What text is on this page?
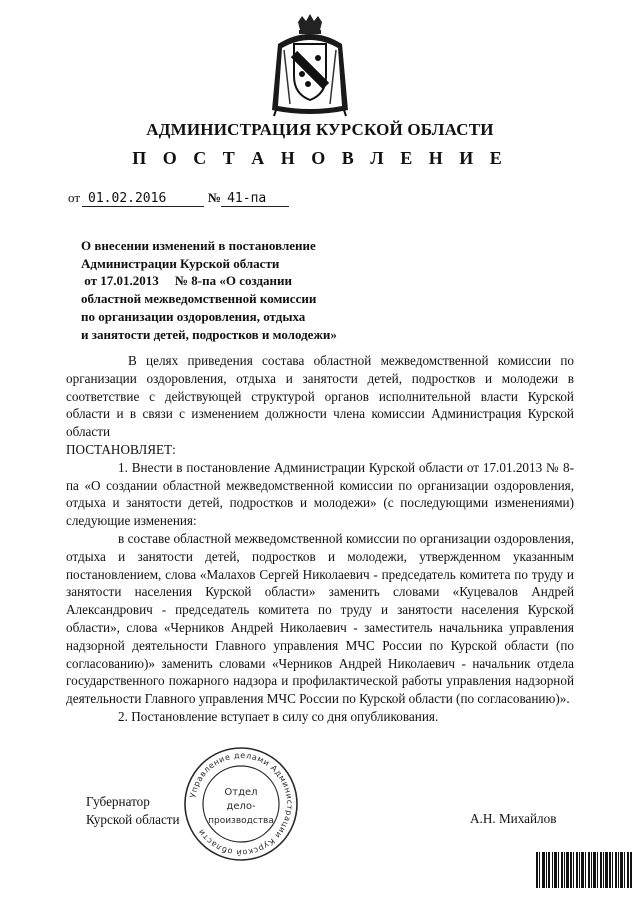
АДМИНИСТРАЦИЯ КУРСКОЙ ОБЛАСТИ
П О С Т А Н О В Л Е Н И Е
от 01.02.2016	№ 41-па
О внесении изменений в постановление
Администрации Курской области
от 17.01.2013     № 8-па «О создании
областной межведомственной комиссии
по организации оздоровления, отдыха
и занятости детей, подростков и молодежи»

В целях приведения состава областной межведомственной комиссии по организации оздоровления, отдыха и занятости детей, подростков и молодежи в соответствие с действующей структурой органов исполнительной власти Курской области и в связи с изменением должности члена комиссии Администрация Курской области

ПОСТАНОВЛЯЕТ:

1. Внести в постановление Администрации Курской области от 17.01.2013 № 8-па «О создании областной межведомственной комиссии по организации оздоровления, отдыха и занятости детей, подростков и молодежи» (с последующими изменениями) следующие изменения:

в составе областной межведомственной комиссии по организации оздоровления, отдыха и занятости детей, подростков и молодежи, утвержденном указанным постановлением, слова «Малахов Сергей Николаевич - председатель комитета по труду и занятости населения Курской области» заменить словами «Куцевалов Андрей Александрович - председатель комитета по труду и занятости населения Курской области», слова «Черников Андрей Николаевич - заместитель начальника управления надзорной деятельности Главного управления МЧС России по Курской области (по согласованию)» заменить словами «Черников Андрей Николаевич - начальник отдела государственного пожарного надзора и профилактической работы управления надзорной деятельности Главного управления МЧС России по Курской области (по согласованию)».

2. Постановление вступает в силу со дня опубликования.

Губернатор
Курской области	А.Н. Михайлов
Управление делами Администрации Курской области
Отдел
дело-
производства
